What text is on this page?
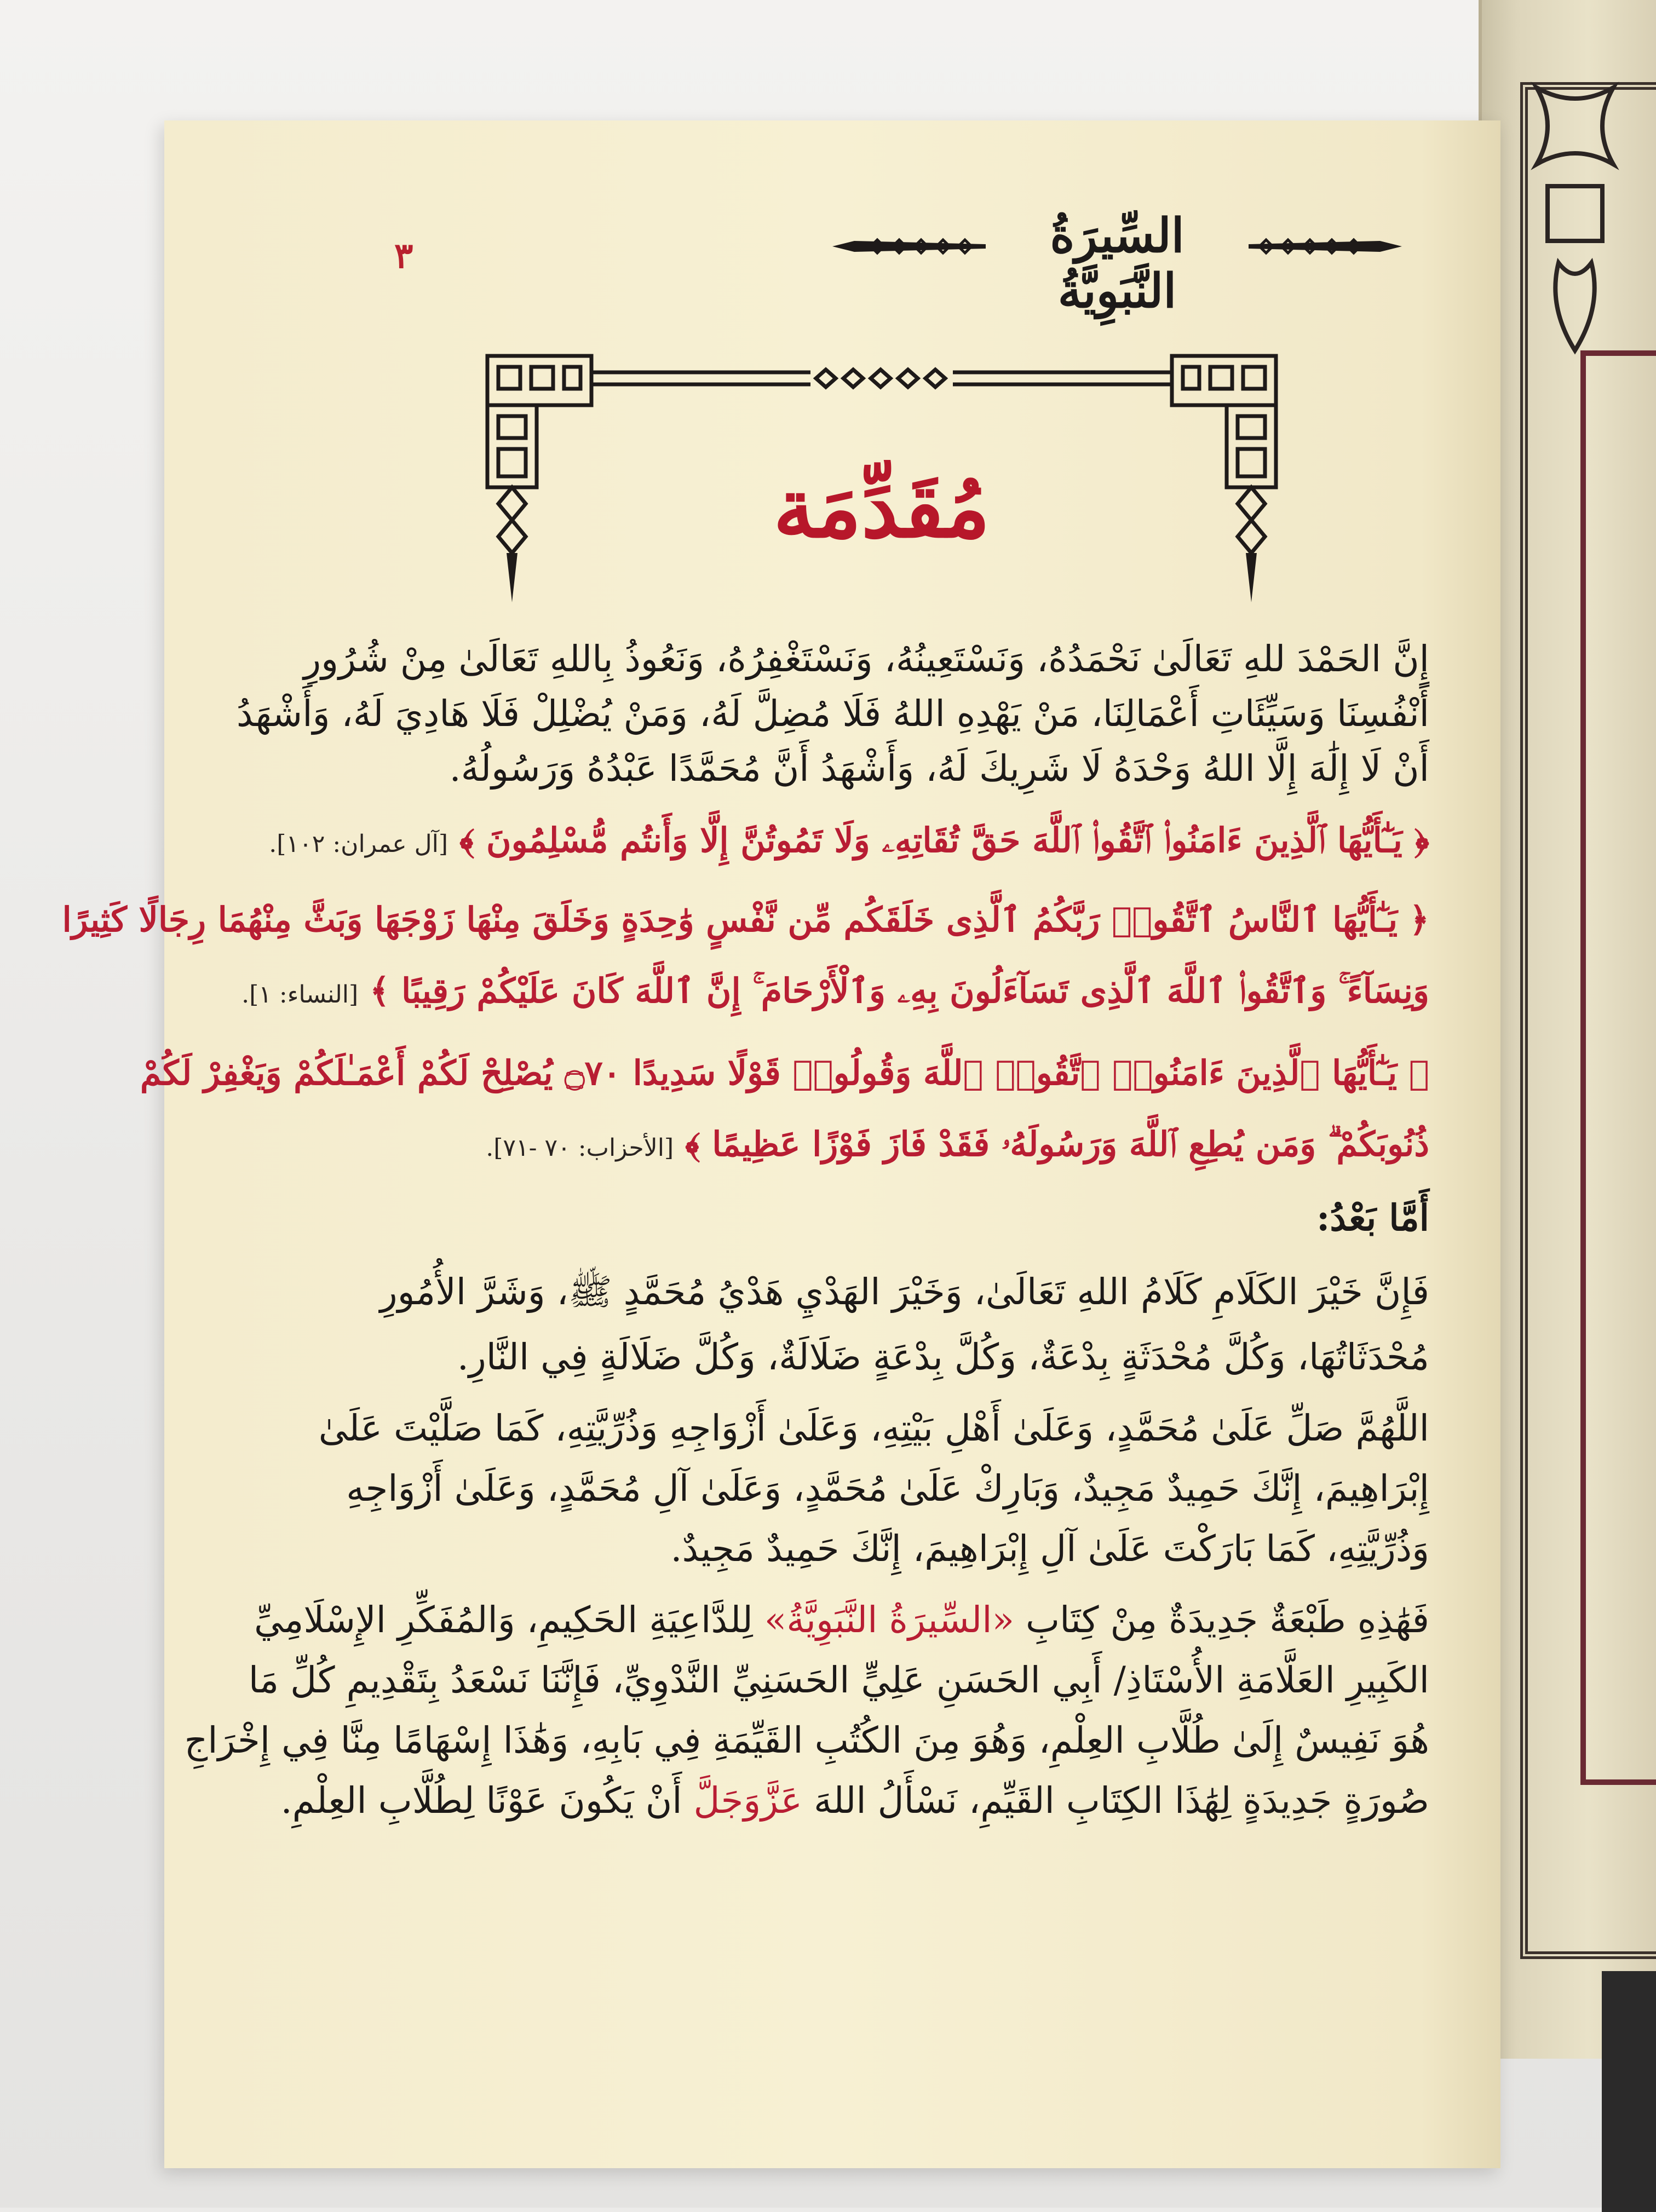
٣	السِّيرَةُ النَّبَوِيَّةُ
مُقَدِّمَة
إِنَّ الحَمْدَ للهِ تَعَالَىٰ نَحْمَدُهُ، وَنَسْتَعِينُهُ، وَنَسْتَغْفِرُهُ، وَنَعُوذُ بِاللهِ تَعَالَىٰ مِنْ شُرُورِ
أَنْفُسِنَا وَسَيِّئَاتِ أَعْمَالِنَا، مَنْ يَهْدِهِ اللهُ فَلَا مُضِلَّ لَهُ، وَمَنْ يُضْلِلْ فَلَا هَادِيَ لَهُ، وَأَشْهَدُ
أَنْ لَا إِلَٰهَ إِلَّا اللهُ وَحْدَهُ لَا شَرِيكَ لَهُ، وَأَشْهَدُ أَنَّ مُحَمَّدًا عَبْدُهُ وَرَسُولُهُ.
﴿ يَـٰٓأَيُّهَا ٱلَّذِينَ ءَامَنُوا۟ ٱتَّقُوا۟ ٱللَّهَ حَقَّ تُقَاتِهِۦ وَلَا تَمُوتُنَّ إِلَّا وَأَنتُم مُّسْلِمُونَ ﴾ [آل عمران: ١٠٢].
﴿ يَـٰٓأَيُّهَا ٱلنَّاسُ ٱتَّقُوا۟ رَبَّكُمُ ٱلَّذِى خَلَقَكُم مِّن نَّفْسٍ وَٰحِدَةٍ وَخَلَقَ مِنْهَا زَوْجَهَا وَبَثَّ مِنْهُمَا رِجَالًا كَثِيرًا
وَنِسَآءً ۚ وَٱتَّقُوا۟ ٱللَّهَ ٱلَّذِى تَسَآءَلُونَ بِهِۦ وَٱلْأَرْحَامَ ۚ إِنَّ ٱللَّهَ كَانَ عَلَيْكُمْ رَقِيبًا ﴾ [النساء: ١].
﴿ يَـٰٓأَيُّهَا ٱلَّذِينَ ءَامَنُوا۟ ٱتَّقُوا۟ ٱللَّهَ وَقُولُوا۟ قَوْلًا سَدِيدًا ۝٧٠ يُصْلِحْ لَكُمْ أَعْمَـٰلَكُمْ وَيَغْفِرْ لَكُمْ
ذُنُوبَكُمْ ۗ وَمَن يُطِعِ ٱللَّهَ وَرَسُولَهُۥ فَقَدْ فَازَ فَوْزًا عَظِيمًا ﴾ [الأحزاب: ٧٠ -٧١].
أَمَّا بَعْدُ:
فَإِنَّ خَيْرَ الكَلَامِ كَلَامُ اللهِ تَعَالَىٰ، وَخَيْرَ الهَدْيِ هَدْيُ مُحَمَّدٍ ﷺ، وَشَرَّ الأُمُورِ
مُحْدَثَاتُهَا، وَكُلَّ مُحْدَثَةٍ بِدْعَةٌ، وَكُلَّ بِدْعَةٍ ضَلَالَةٌ، وَكُلَّ ضَلَالَةٍ فِي النَّارِ.
اللَّهُمَّ صَلِّ عَلَىٰ مُحَمَّدٍ، وَعَلَىٰ أَهْلِ بَيْتِهِ، وَعَلَىٰ أَزْوَاجِهِ وَذُرِّيَّتِهِ، كَمَا صَلَّيْتَ عَلَىٰ
إِبْرَاهِيمَ، إِنَّكَ حَمِيدٌ مَجِيدٌ، وَبَارِكْ عَلَىٰ مُحَمَّدٍ، وَعَلَىٰ آلِ مُحَمَّدٍ، وَعَلَىٰ أَزْوَاجِهِ
وَذُرِّيَّتِهِ، كَمَا بَارَكْتَ عَلَىٰ آلِ إِبْرَاهِيمَ، إِنَّكَ حَمِيدٌ مَجِيدٌ.
فَهَٰذِهِ طَبْعَةٌ جَدِيدَةٌ مِنْ كِتَابِ «السِّيرَةُ النَّبَوِيَّةُ» لِلدَّاعِيَةِ الحَكِيمِ، وَالمُفَكِّرِ الإِسْلَامِيِّ
الكَبِيرِ العَلَّامَةِ الأُسْتَاذِ/ أَبِي الحَسَنِ عَلِيٍّ الحَسَنِيِّ النَّدْوِيِّ، فَإِنَّنَا نَسْعَدُ بِتَقْدِيمِ كُلِّ مَا
هُوَ نَفِيسٌ إِلَىٰ طُلَّابِ العِلْمِ، وَهُوَ مِنَ الكُتُبِ القَيِّمَةِ فِي بَابِهِ، وَهَٰذَا إِسْهَامًا مِنَّا فِي إِخْرَاجِ
صُورَةٍ جَدِيدَةٍ لِهَٰذَا الكِتَابِ القَيِّمِ، نَسْأَلُ اللهَ عَزَّوَجَلَّ أَنْ يَكُونَ عَوْنًا لِطُلَّابِ العِلْمِ.
